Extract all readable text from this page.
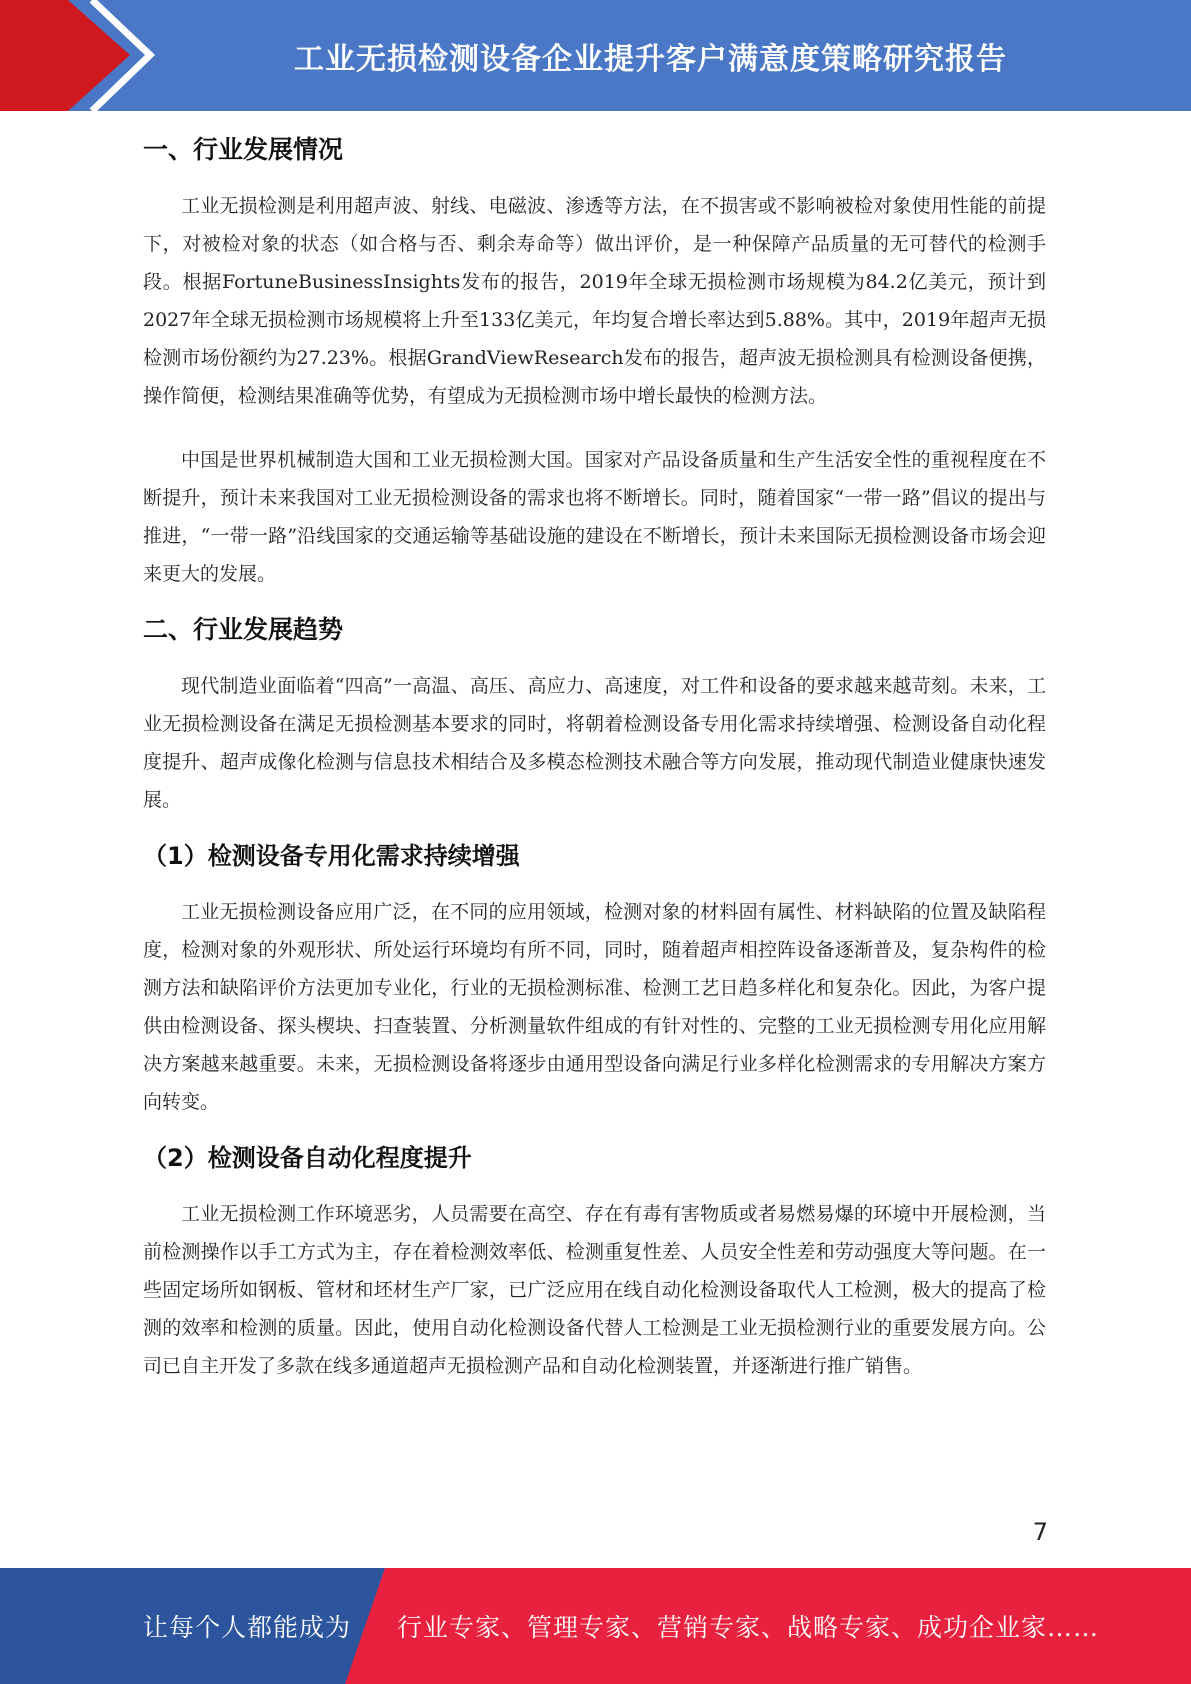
工业无损检测设备企业提升客户满意度策略研究报告
一、行业发展情况

工业无损检测是利用超声波、射线、电磁波、渗透等方法，在不损害或不影响被检对象使用性能的前提下，对被检对象的状态（如合格与否、剩余寿命等）做出评价，是一种保障产品质量的无可替代的检测手段。根据FortuneBusinessInsights发布的报告，2019年全球无损检测市场规模为84.2亿美元，预计到2027年全球无损检测市场规模将上升至133亿美元，年均复合增长率达到5.88%。其中，2019年超声无损检测市场份额约为27.23%。根据GrandViewResearch发布的报告，超声波无损检测具有检测设备便携，操作简便，检测结果准确等优势，有望成为无损检测市场中增长最快的检测方法。

中国是世界机械制造大国和工业无损检测大国。国家对产品设备质量和生产生活安全性的重视程度在不断提升，预计未来我国对工业无损检测设备的需求也将不断增长。同时，随着国家“一带一路”倡议的提出与推进，“一带一路”沿线国家的交通运输等基础设施的建设在不断增长，预计未来国际无损检测设备市场会迎来更大的发展。

二、行业发展趋势

现代制造业面临着“四高”一高温、高压、高应力、高速度，对工件和设备的要求越来越苛刻。未来，工业无损检测设备在满足无损检测基本要求的同时，将朝着检测设备专用化需求持续增强、检测设备自动化程度提升、超声成像化检测与信息技术相结合及多模态检测技术融合等方向发展，推动现代制造业健康快速发展。

（1）检测设备专用化需求持续增强

工业无损检测设备应用广泛，在不同的应用领域，检测对象的材料固有属性、材料缺陷的位置及缺陷程度，检测对象的外观形状、所处运行环境均有所不同，同时，随着超声相控阵设备逐渐普及，复杂构件的检测方法和缺陷评价方法更加专业化，行业的无损检测标准、检测工艺日趋多样化和复杂化。因此，为客户提供由检测设备、探头楔块、扫查装置、分析测量软件组成的有针对性的、完整的工业无损检测专用化应用解决方案越来越重要。未来，无损检测设备将逐步由通用型设备向满足行业多样化检测需求的专用解决方案方向转变。

（2）检测设备自动化程度提升

工业无损检测工作环境恶劣，人员需要在高空、存在有毒有害物质或者易燃易爆的环境中开展检测，当前检测操作以手工方式为主，存在着检测效率低、检测重复性差、人员安全性差和劳动强度大等问题。在一些固定场所如钢板、管材和坯材生产厂家，已广泛应用在线自动化检测设备取代人工检测，极大的提高了检测的效率和检测的质量。因此，使用自动化检测设备代替人工检测是工业无损检测行业的重要发展方向。公司已自主开发了多款在线多通道超声无损检测产品和自动化检测装置，并逐渐进行推广销售。

7
让每个人都能成为 行业专家、管理专家、营销专家、战略专家、成功企业家……
